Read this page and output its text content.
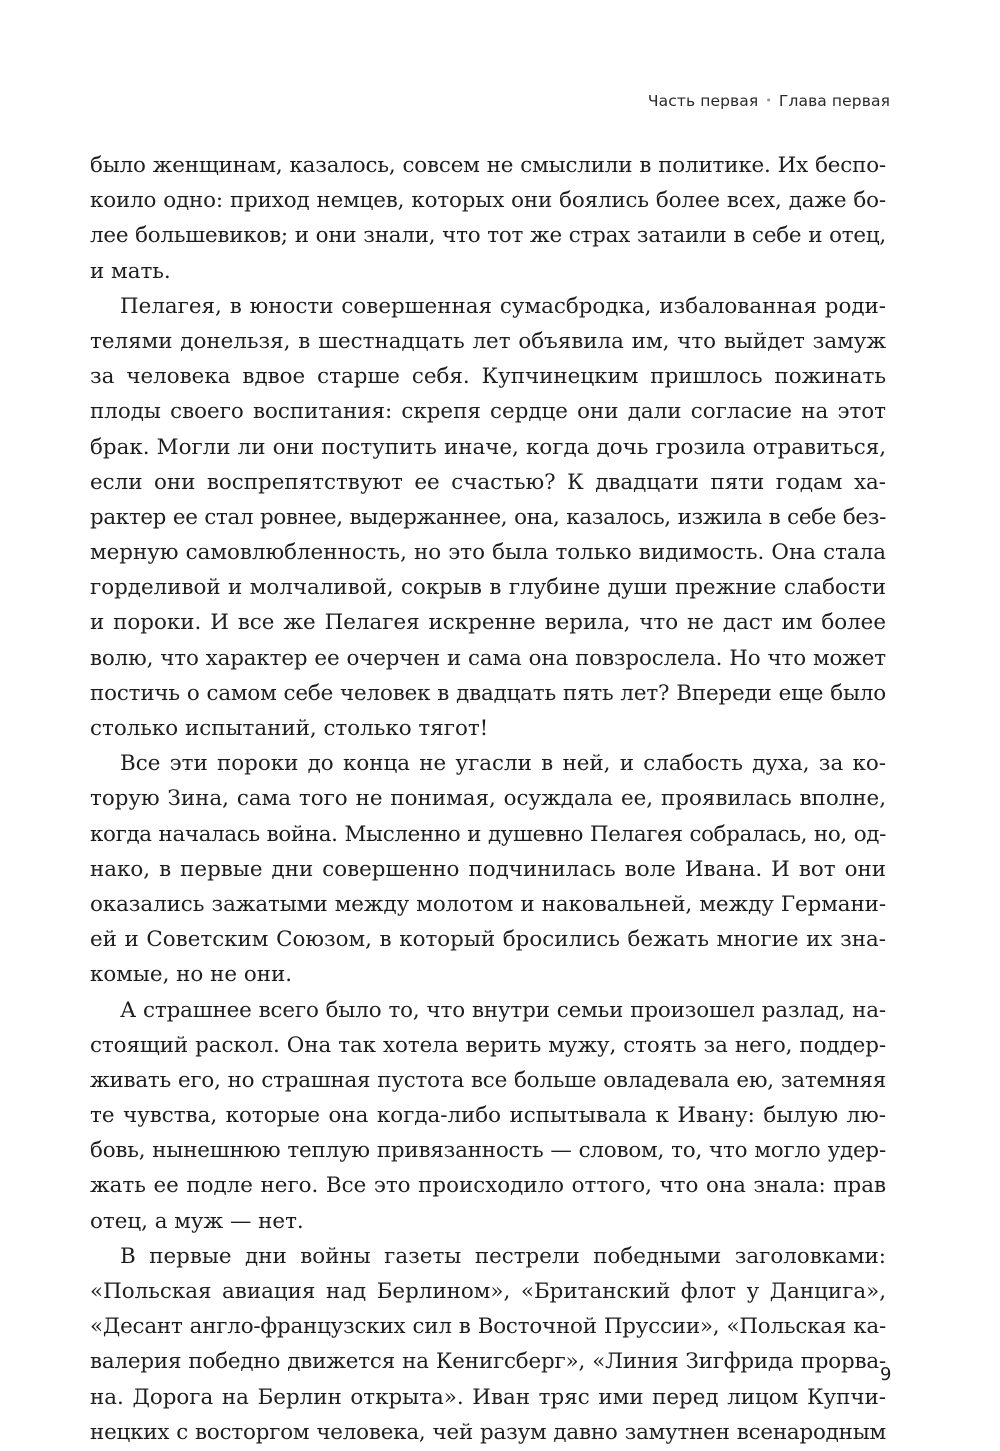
Часть первая • Глава первая
было женщинам, казалось, совсем не смыслили в политике. Их беспо-
коило одно: приход немцев, которых они боялись более всех, даже бо-
лее большевиков; и они знали, что тот же страх затаили в себе и отец,
и мать.
Пелагея, в юности совершенная сумасбродка, избалованная роди-
телями донельзя, в шестнадцать лет объявила им, что выйдет замуж
за человека вдвое старше себя. Купчинецким пришлось пожинать
плоды своего воспитания: скрепя сердце они дали согласие на этот
брак. Могли ли они поступить иначе, когда дочь грозила отравиться,
если они воспрепятствуют ее счастью? К двадцати пяти годам ха-
рактер ее стал ровнее, выдержаннее, она, казалось, изжила в себе без-
мерную самовлюбленность, но это была только видимость. Она стала
горделивой и молчаливой, сокрыв в глубине души прежние слабости
и пороки. И все же Пелагея искренне верила, что не даст им более
волю, что характер ее очерчен и сама она повзрослела. Но что может
постичь о самом себе человек в двадцать пять лет? Впереди еще было
столько испытаний, столько тягот!
Все эти пороки до конца не угасли в ней, и слабость духа, за ко-
торую Зина, сама того не понимая, осуждала ее, проявилась вполне,
когда началась война. Мысленно и душевно Пелагея собралась, но, од-
нако, в первые дни совершенно подчинилась воле Ивана. И вот они
оказались зажатыми между молотом и наковальней, между Германи-
ей и Советским Союзом, в который бросились бежать многие их зна-
комые, но не они.
А страшнее всего было то, что внутри семьи произошел разлад, на-
стоящий раскол. Она так хотела верить мужу, стоять за него, поддер-
живать его, но страшная пустота все больше овладевала ею, затемняя
те чувства, которые она когда-либо испытывала к Ивану: былую лю-
бовь, нынешнюю теплую привязанность — словом, то, что могло удер-
жать ее подле него. Все это происходило оттого, что она знала: прав
отец, а муж — нет.
В первые дни войны газеты пестрели победными заголовками:
«Польская авиация над Берлином», «Британский флот у Данцига»,
«Десант англо-французских сил в Восточной Пруссии», «Польская ка-
валерия победно движется на Кенигсберг», «Линия Зигфрида прорва-
на. Дорога на Берлин открыта». Иван тряс ими перед лицом Купчи-
нецких с восторгом человека, чей разум давно замутнен всенародным
9
